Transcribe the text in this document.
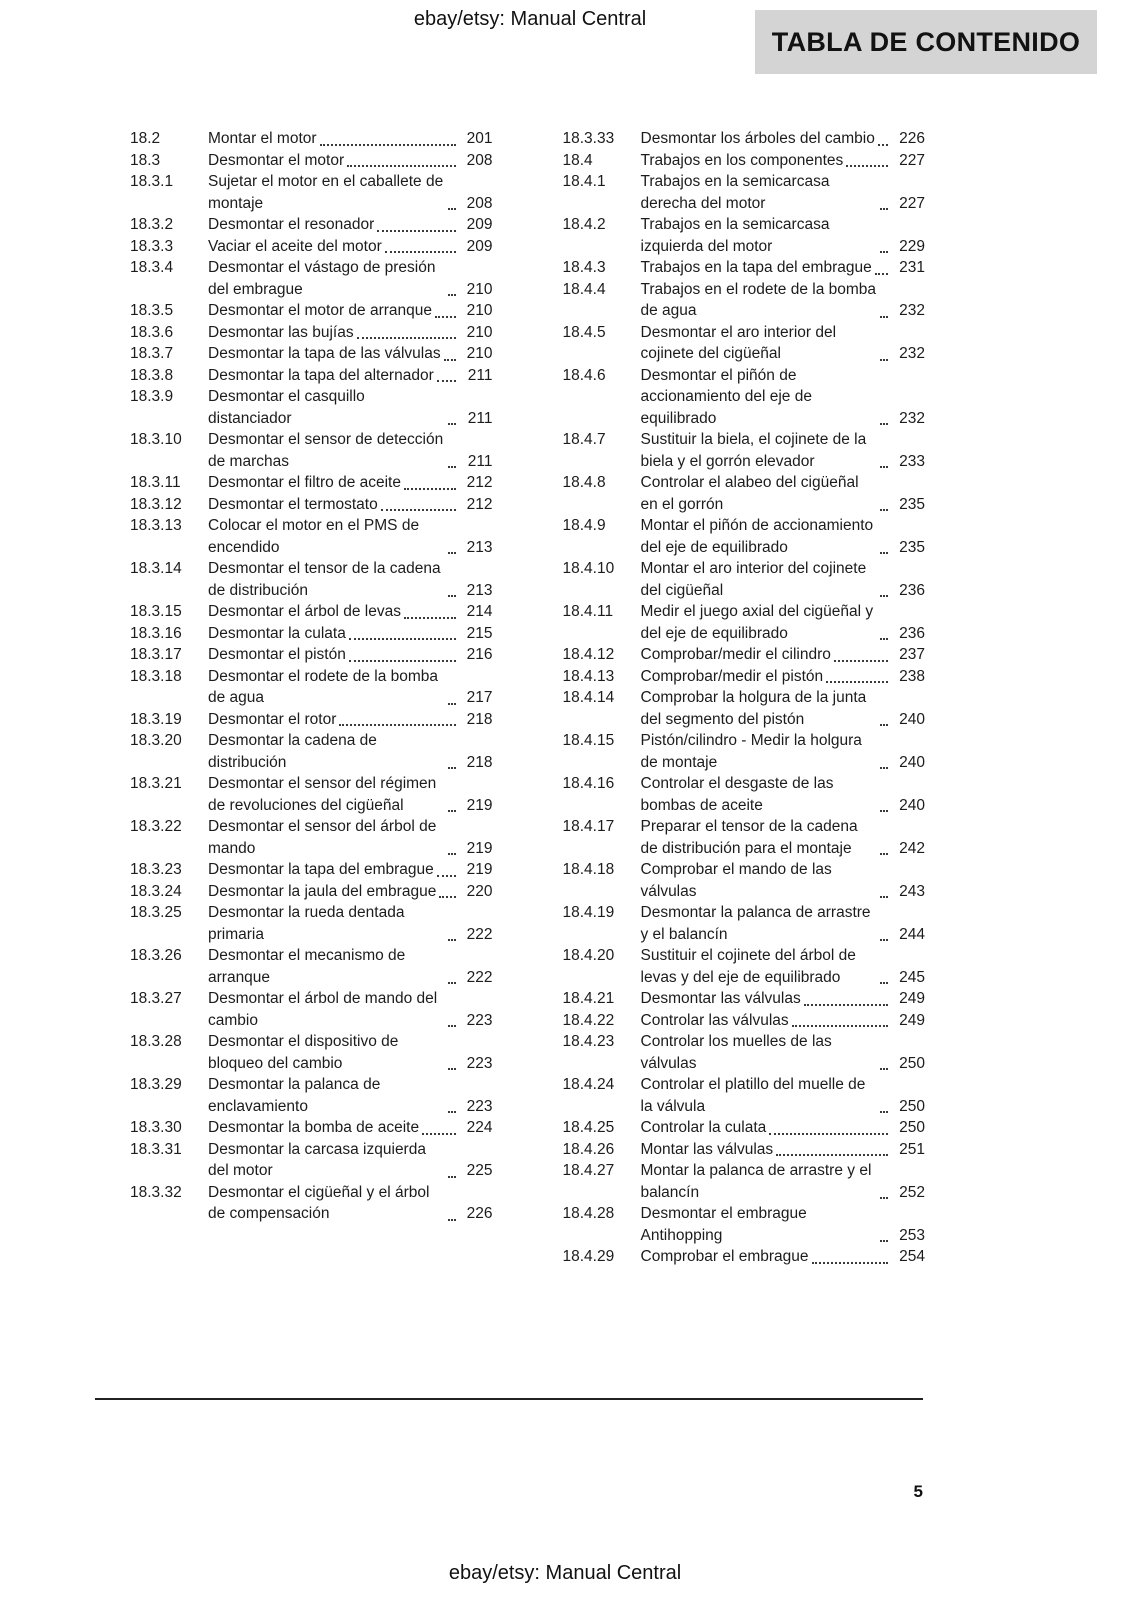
ebay/etsy: Manual Central
TABLA DE CONTENIDO
18.2	Montar el motor	201
18.3	Desmontar el motor	208
18.3.1	Sujetar el motor en el caballete de montaje	208
18.3.2	Desmontar el resonador	209
18.3.3	Vaciar el aceite del motor	209
18.3.4	Desmontar el vástago de presión del embrague	210
18.3.5	Desmontar el motor de arranque	210
18.3.6	Desmontar las bujías	210
18.3.7	Desmontar la tapa de las válvulas	210
18.3.8	Desmontar la tapa del alternador	211
18.3.9	Desmontar el casquillo distanciador	211
18.3.10	Desmontar el sensor de detección de marchas	211
18.3.11	Desmontar el filtro de aceite	212
18.3.12	Desmontar el termostato	212
18.3.13	Colocar el motor en el PMS de encendido	213
18.3.14	Desmontar el tensor de la cadena de distribución	213
18.3.15	Desmontar el árbol de levas	214
18.3.16	Desmontar la culata	215
18.3.17	Desmontar el pistón	216
18.3.18	Desmontar el rodete de la bomba de agua	217
18.3.19	Desmontar el rotor	218
18.3.20	Desmontar la cadena de distribución	218
18.3.21	Desmontar el sensor del régimen de revoluciones del cigüeñal	219
18.3.22	Desmontar el sensor del árbol de mando	219
18.3.23	Desmontar la tapa del embrague	219
18.3.24	Desmontar la jaula del embrague	220
18.3.25	Desmontar la rueda dentada primaria	222
18.3.26	Desmontar el mecanismo de arranque	222
18.3.27	Desmontar el árbol de mando del cambio	223
18.3.28	Desmontar el dispositivo de bloqueo del cambio	223
18.3.29	Desmontar la palanca de enclavamiento	223
18.3.30	Desmontar la bomba de aceite	224
18.3.31	Desmontar la carcasa izquierda del motor	225
18.3.32	Desmontar el cigüeñal y el árbol de compensación	226
18.3.33	Desmontar los árboles del cambio	226
18.4	Trabajos en los componentes	227
18.4.1	Trabajos en la semicarcasa derecha del motor	227
18.4.2	Trabajos en la semicarcasa izquierda del motor	229
18.4.3	Trabajos en la tapa del embrague	231
18.4.4	Trabajos en el rodete de la bomba de agua	232
18.4.5	Desmontar el aro interior del cojinete del cigüeñal	232
18.4.6	Desmontar el piñón de accionamiento del eje de equilibrado	232
18.4.7	Sustituir la biela, el cojinete de la biela y el gorrón elevador	233
18.4.8	Controlar el alabeo del cigüeñal en el gorrón	235
18.4.9	Montar el piñón de accionamiento del eje de equilibrado	235
18.4.10	Montar el aro interior del cojinete del cigüeñal	236
18.4.11	Medir el juego axial del cigüeñal y del eje de equilibrado	236
18.4.12	Comprobar/medir el cilindro	237
18.4.13	Comprobar/medir el pistón	238
18.4.14	Comprobar la holgura de la junta del segmento del pistón	240
18.4.15	Pistón/cilindro - Medir la holgura de montaje	240
18.4.16	Controlar el desgaste de las bombas de aceite	240
18.4.17	Preparar el tensor de la cadena de distribución para el montaje	242
18.4.18	Comprobar el mando de las válvulas	243
18.4.19	Desmontar la palanca de arrastre y el balancín	244
18.4.20	Sustituir el cojinete del árbol de levas y del eje de equilibrado	245
18.4.21	Desmontar las válvulas	249
18.4.22	Controlar las válvulas	249
18.4.23	Controlar los muelles de las válvulas	250
18.4.24	Controlar el platillo del muelle de la válvula	250
18.4.25	Controlar la culata	250
18.4.26	Montar las válvulas	251
18.4.27	Montar la palanca de arrastre y el balancín	252
18.4.28	Desmontar el embrague Antihopping	253
18.4.29	Comprobar el embrague	254
5
ebay/etsy: Manual Central
